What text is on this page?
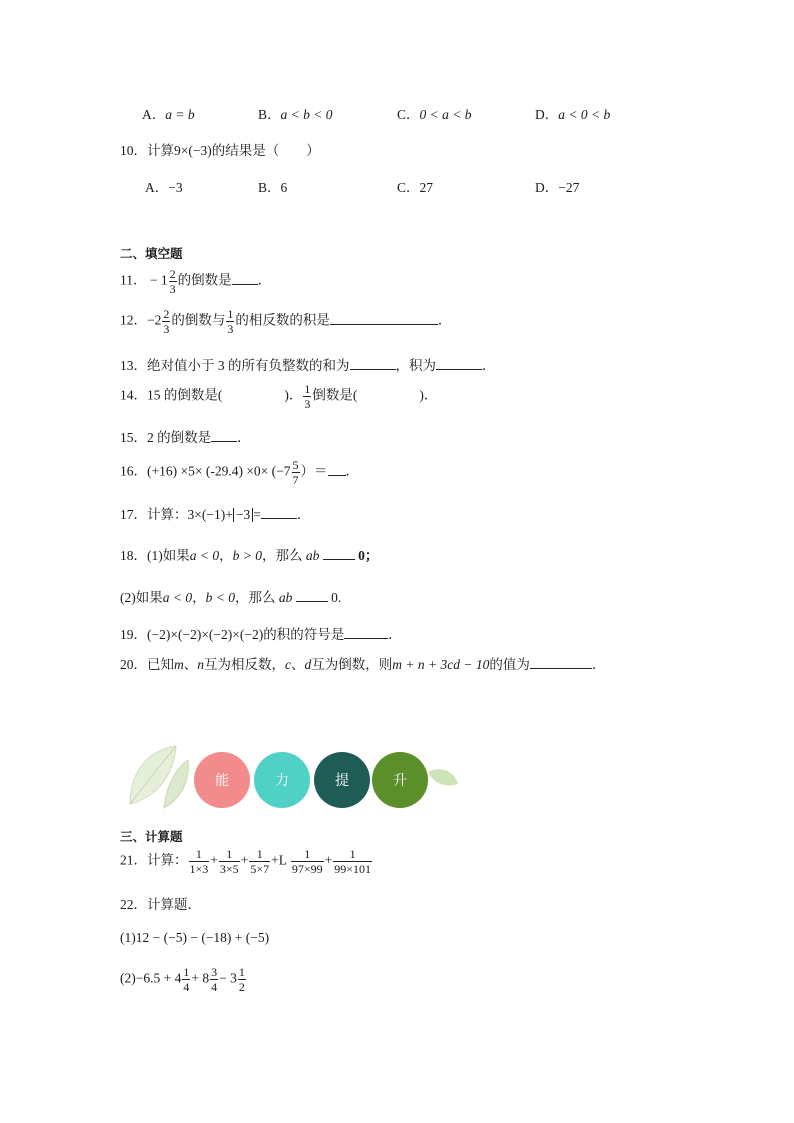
A．a = b	B．a < b < 0	C．0 < a < b	D．a < 0 < b
10．计算9×(−3)的结果是（　　）
A．−3	B．6	C．27	D．−27
二、填空题
11． − $1 \frac{2}{3}$ 的倒数是 ．
12．$-2 \frac{2}{3}$ 的倒数与 $\frac{1}{3}$ 的相反数的积是	．
13．绝对值小于 3 的所有负整数的和为	，积为	．
14．15 的倒数是(	)． $\frac{1}{3}$ 倒数是(	)．
15．2 的倒数是 ．
16．$(+16) \times 5\times (-29.4) \times 0\times (-7 \frac{5}{7}$ ）＝ ．
17．计算：3×(−1)+ −3 =	．
18．(1)如果a < 0，b > 0，那么 ab	0；
(2)如果a < 0，b < 0，那么 ab	0.
19．(−2)×(−2)×(−2)×(−2)的积的符号是	．
20．已知m、n互为相反数，c、d互为倒数，则m + n + 3cd − 10的值为	．
能	力	提	升
三、计算题
21．计算： $\frac{1}{1\times 3} + \frac{1}{3\times 5} + \frac{1}{5\times 7} +L \frac{1}{97\times 99} + \frac{1}{99\times 101}$
22．计算题．
(1)12 − (−5) − (−18) + (−5)
$(2)-6.5 + 4 \frac{1}{4} + 8 \frac{3}{4} - 3 \frac{1}{2}$
